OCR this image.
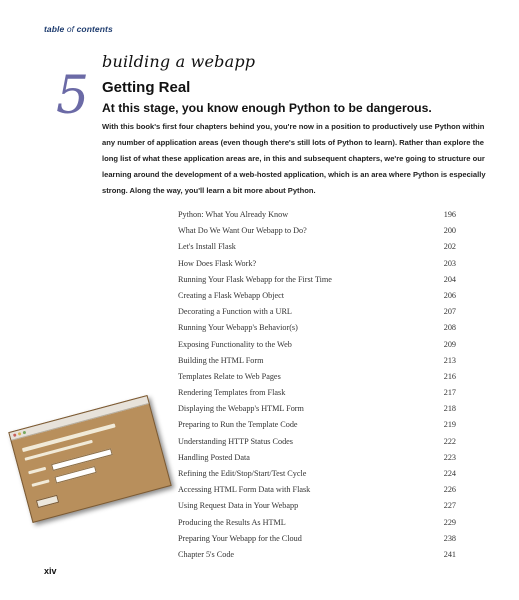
table of contents
building a webapp
5 Getting Real
At this stage, you know enough Python to be dangerous.

With this book's first four chapters behind you, you're now in a position to productively use Python within any number of application areas (even though there's still lots of Python to learn). Rather than explore the long list of what these application areas are, in this and subsequent chapters, we're going to structure our learning around the development of a web-hosted application, which is an area where Python is especially strong. Along the way, you'll learn a bit more about Python.

Python: What You Already Know	196
What Do We Want Our Webapp to Do?	200
Let's Install Flask	202
How Does Flask Work?	203
Running Your Flask Webapp for the First Time	204
Creating a Flask Webapp Object	206
Decorating a Function with a URL	207
Running Your Webapp's Behavior(s)	208
Exposing Functionality to the Web	209
Building the HTML Form	213
Templates Relate to Web Pages	216
Rendering Templates from Flask	217
Displaying the Webapp's HTML Form	218
Preparing to Run the Template Code	219
Understanding HTTP Status Codes	222
Handling Posted Data	223
Refining the Edit/Stop/Start/Test Cycle	224
Accessing HTML Form Data with Flask	226
Using Request Data in Your Webapp	227
Producing the Results As HTML	229
Preparing Your Webapp for the Cloud	238
Chapter 5's Code	241
xiv
